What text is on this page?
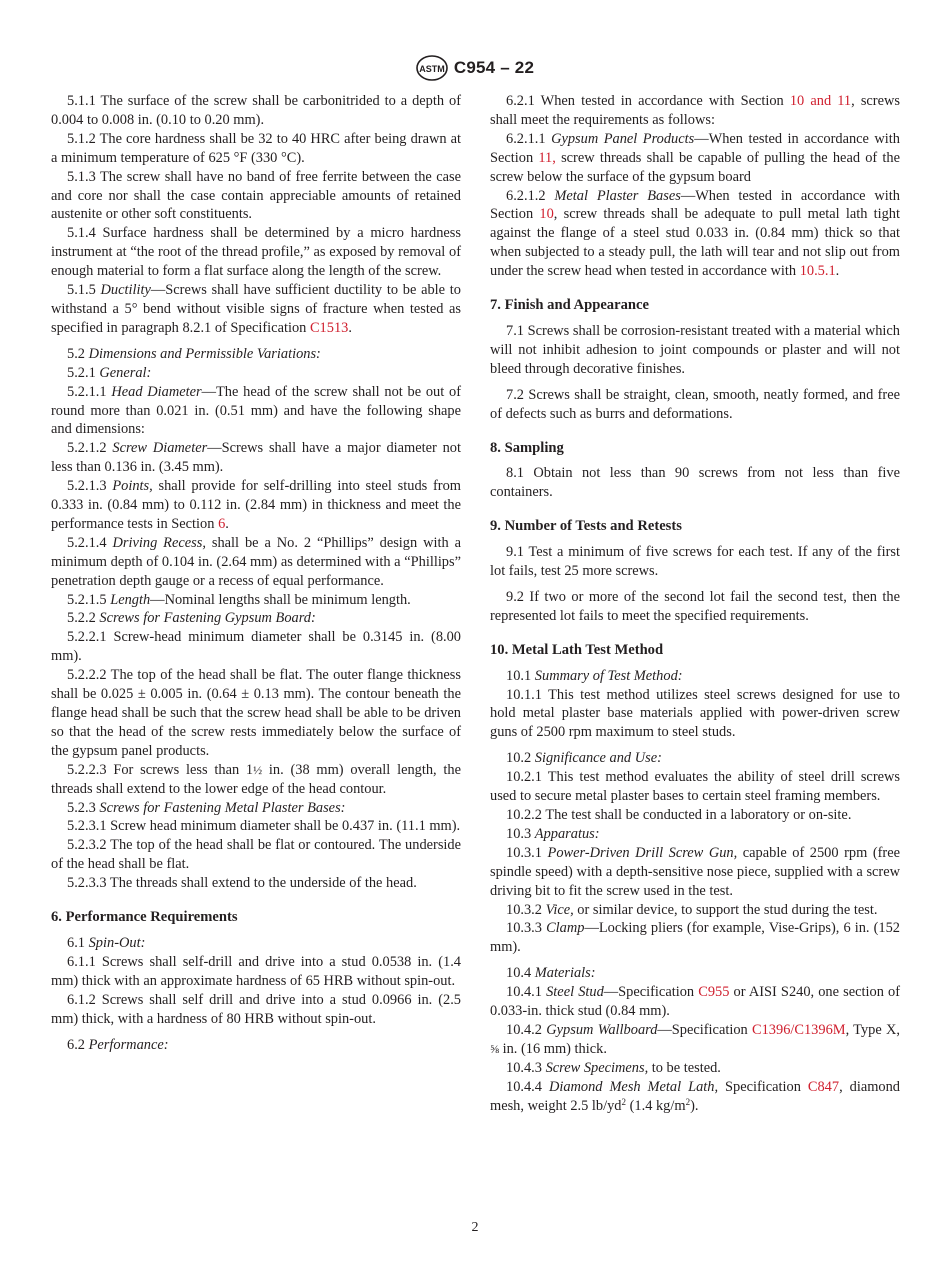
ASTM C954 – 22

5.1.1 The surface of the screw shall be carbonitrided to a depth of 0.004 to 0.008 in. (0.10 to 0.20 mm).

5.1.2 The core hardness shall be 32 to 40 HRC after being drawn at a minimum temperature of 625 °F (330 °C).

5.1.3 The screw shall have no band of free ferrite between the case and core nor shall the case contain appreciable amounts of retained austenite or other soft constituents.

5.1.4 Surface hardness shall be determined by a micro hardness instrument at “the root of the thread profile,” as exposed by removal of enough material to form a flat surface along the length of the screw.

5.1.5 Ductility—Screws shall have sufficient ductility to be able to withstand a 5° bend without visible signs of fracture when tested as specified in paragraph 8.2.1 of Specification C1513.

5.2 Dimensions and Permissible Variations:

5.2.1 General:

5.2.1.1 Head Diameter—The head of the screw shall not be out of round more than 0.021 in. (0.51 mm) and have the following shape and dimensions:

5.2.1.2 Screw Diameter—Screws shall have a major diameter not less than 0.136 in. (3.45 mm).

5.2.1.3 Points, shall provide for self-drilling into steel studs from 0.333 in. (0.84 mm) to 0.112 in. (2.84 mm) in thickness and meet the performance tests in Section 6.

5.2.1.4 Driving Recess, shall be a No. 2 “Phillips” design with a minimum depth of 0.104 in. (2.64 mm) as determined with a “Phillips” penetration depth gauge or a recess of equal performance.

5.2.1.5 Length—Nominal lengths shall be minimum length.

5.2.2 Screws for Fastening Gypsum Board:

5.2.2.1 Screw-head minimum diameter shall be 0.3145 in. (8.00 mm).

5.2.2.2 The top of the head shall be flat. The outer flange thickness shall be 0.025 ± 0.005 in. (0.64 ± 0.13 mm). The contour beneath the flange head shall be such that the screw head shall be able to be driven so that the head of the screw rests immediately below the surface of the gypsum panel products.

5.2.2.3 For screws less than 1½ in. (38 mm) overall length, the threads shall extend to the lower edge of the head contour.

5.2.3 Screws for Fastening Metal Plaster Bases:

5.2.3.1 Screw head minimum diameter shall be 0.437 in. (11.1 mm).

5.2.3.2 The top of the head shall be flat or contoured. The underside of the head shall be flat.

5.2.3.3 The threads shall extend to the underside of the head.

6. Performance Requirements

6.1 Spin-Out:

6.1.1 Screws shall self-drill and drive into a stud 0.0538 in. (1.4 mm) thick with an approximate hardness of 65 HRB without spin-out.

6.1.2 Screws shall self drill and drive into a stud 0.0966 in. (2.5 mm) thick, with a hardness of 80 HRB without spin-out.

6.2 Performance:

6.2.1 When tested in accordance with Section 10 and 11, screws shall meet the requirements as follows:

6.2.1.1 Gypsum Panel Products—When tested in accordance with Section 11, screw threads shall be capable of pulling the head of the screw below the surface of the gypsum board

6.2.1.2 Metal Plaster Bases—When tested in accordance with Section 10, screw threads shall be adequate to pull metal lath tight against the flange of a steel stud 0.033 in. (0.84 mm) thick so that when subjected to a steady pull, the lath will tear and not slip out from under the screw head when tested in accordance with 10.5.1.

7. Finish and Appearance

7.1 Screws shall be corrosion-resistant treated with a material which will not inhibit adhesion to joint compounds or plaster and will not bleed through decorative finishes.

7.2 Screws shall be straight, clean, smooth, neatly formed, and free of defects such as burrs and deformations.

8. Sampling

8.1 Obtain not less than 90 screws from not less than five containers.

9. Number of Tests and Retests

9.1 Test a minimum of five screws for each test. If any of the first lot fails, test 25 more screws.

9.2 If two or more of the second lot fail the second test, then the represented lot fails to meet the specified requirements.

10. Metal Lath Test Method

10.1 Summary of Test Method:

10.1.1 This test method utilizes steel screws designed for use to hold metal plaster base materials applied with power-driven screw guns of 2500 rpm maximum to steel studs.

10.2 Significance and Use:

10.2.1 This test method evaluates the ability of steel drill screws used to secure metal plaster bases to certain steel framing members.

10.2.2 The test shall be conducted in a laboratory or on-site.

10.3 Apparatus:

10.3.1 Power-Driven Drill Screw Gun, capable of 2500 rpm (free spindle speed) with a depth-sensitive nose piece, supplied with a screw driving bit to fit the screw used in the test.

10.3.2 Vice, or similar device, to support the stud during the test.

10.3.3 Clamp—Locking pliers (for example, Vise-Grips), 6 in. (152 mm).

10.4 Materials:

10.4.1 Steel Stud—Specification C955 or AISI S240, one section of 0.033-in. thick stud (0.84 mm).

10.4.2 Gypsum Wallboard—Specification C1396/C1396M, Type X, ⅝ in. (16 mm) thick.

10.4.3 Screw Specimens, to be tested.

10.4.4 Diamond Mesh Metal Lath, Specification C847, diamond mesh, weight 2.5 $lb/yd^2$ (1.4 $kg/m^2$).

2
